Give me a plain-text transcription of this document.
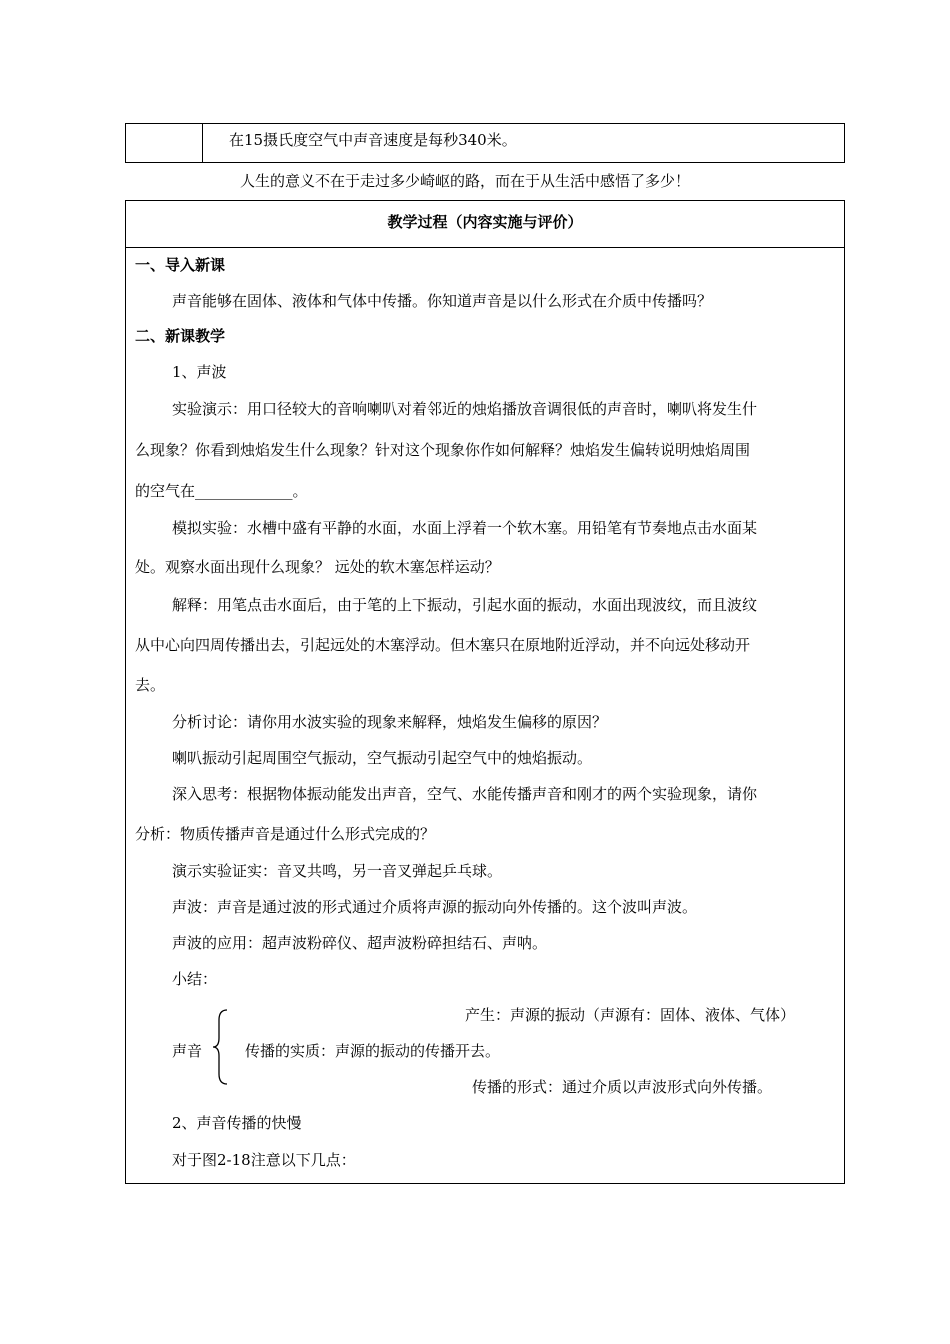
在15摄氏度空气中声音速度是每秒340米。
人生的意义不在于走过多少崎岖的路，而在于从生活中感悟了多少！
教学过程（内容实施与评价）
一、导入新课
声音能够在固体、液体和气体中传播。你知道声音是以什么形式在介质中传播吗？
二、新课教学
1、声波
实验演示：用口径较大的音响喇叭对着邻近的烛焰播放音调很低的声音时，喇叭将发生什
么现象？你看到烛焰发生什么现象？针对这个现象你作如何解释？烛焰发生偏转说明烛焰周围
的空气在_____________。
模拟实验：水槽中盛有平静的水面，水面上浮着一个软木塞。用铅笔有节奏地点击水面某
处。观察水面出现什么现象？ 远处的软木塞怎样运动？
解释：用笔点击水面后，由于笔的上下振动，引起水面的振动，水面出现波纹，而且波纹
从中心向四周传播出去，引起远处的木塞浮动。但木塞只在原地附近浮动，并不向远处移动开
去。
分析讨论：请你用水波实验的现象来解释，烛焰发生偏移的原因？
喇叭振动引起周围空气振动，空气振动引起空气中的烛焰振动。
深入思考：根据物体振动能发出声音，空气、水能传播声音和刚才的两个实验现象，请你
分析：物质传播声音是通过什么形式完成的？
演示实验证实：音叉共鸣，另一音叉弹起乒乓球。
声波：声音是通过波的形式通过介质将声源的振动向外传播的。这个波叫声波。
声波的应用：超声波粉碎仪、超声波粉碎担结石、声呐。
小结：
产生：声源的振动（声源有：固体、液体、气体）
声音	传播的实质：声源的振动的传播开去。
传播的形式：通过介质以声波形式向外传播。
2、声音传播的快慢
对于图2-18注意以下几点：
